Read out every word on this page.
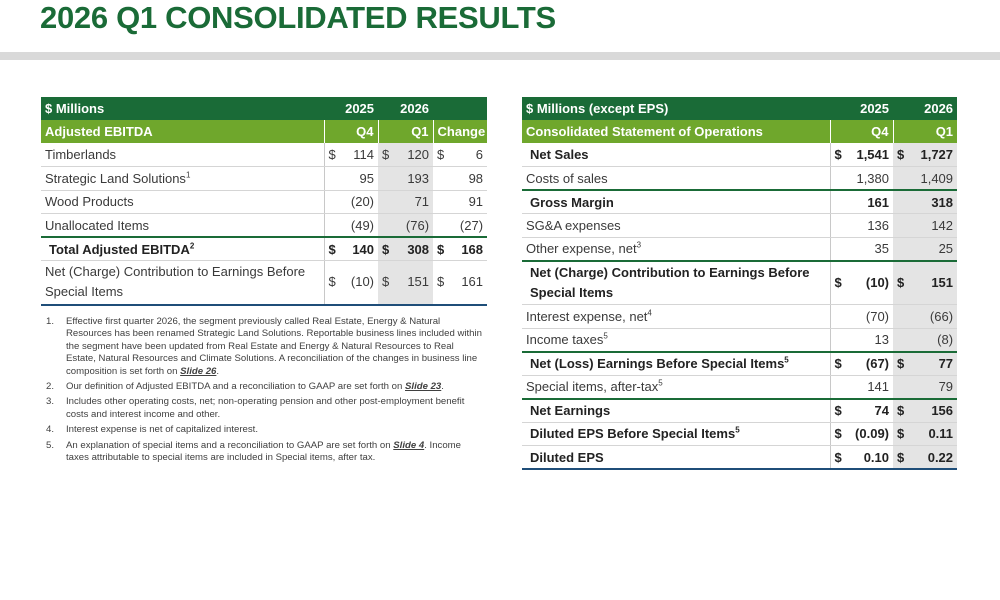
2026 Q1 CONSOLIDATED RESULTS
$ Millions	2025		2026			
Adjusted EBITDA	Q4		Q1		Change	
Timberlands	$	114	$	120	$	6
Strategic Land Solutions$^1$		95		193		98
Wood Products		(20)		71		91
Unallocated Items		(49)		(76)		(27)
Total Adjusted EBITDA$^2$	$	140	$	308	$	168
Net (Charge) Contribution to Earnings Before Special Items	$	(10)	$	151	$	161
1.	Effective first quarter 2026, the segment previously called Real Estate, Energy & Natural Resources has been renamed Strategic Land Solutions. Reportable business lines included within the segment have been updated from Real Estate and Energy & Natural Resources to Real Estate, Natural Resources and Climate Solutions. A reconciliation of the changes in business line composition is set forth on Slide 26.
2.	Our definition of Adjusted EBITDA and a reconciliation to GAAP are set forth on Slide 23.
3.	Includes other operating costs, net; non-operating pension and other post-employment benefit costs and interest income and other.
4.	Interest expense is net of capitalized interest.
5.	An explanation of special items and a reconciliation to GAAP are set forth on Slide 4. Income taxes attributable to special items are included in Special items, after tax.
$ Millions (except EPS)	2025		2026	
Consolidated Statement of Operations	Q4		Q1	
Net Sales	$	1,541	$	1,727
Costs of sales		1,380		1,409
Gross Margin		161		318
SG&A expenses		136		142
Other expense, net$^3$		35		25
Net (Charge) Contribution to Earnings Before Special Items	$	(10)	$	151
Interest expense, net$^4$		(70)		(66)
Income taxes$^5$		13		(8)
Net (Loss) Earnings Before Special Items$^5$	$	(67)	$	77
Special items, after-tax$^5$		141		79
Net Earnings	$	74	$	156
Diluted EPS Before Special Items$^5$	$	(0.09)	$	0.11
Diluted EPS	$	0.10	$	0.22
